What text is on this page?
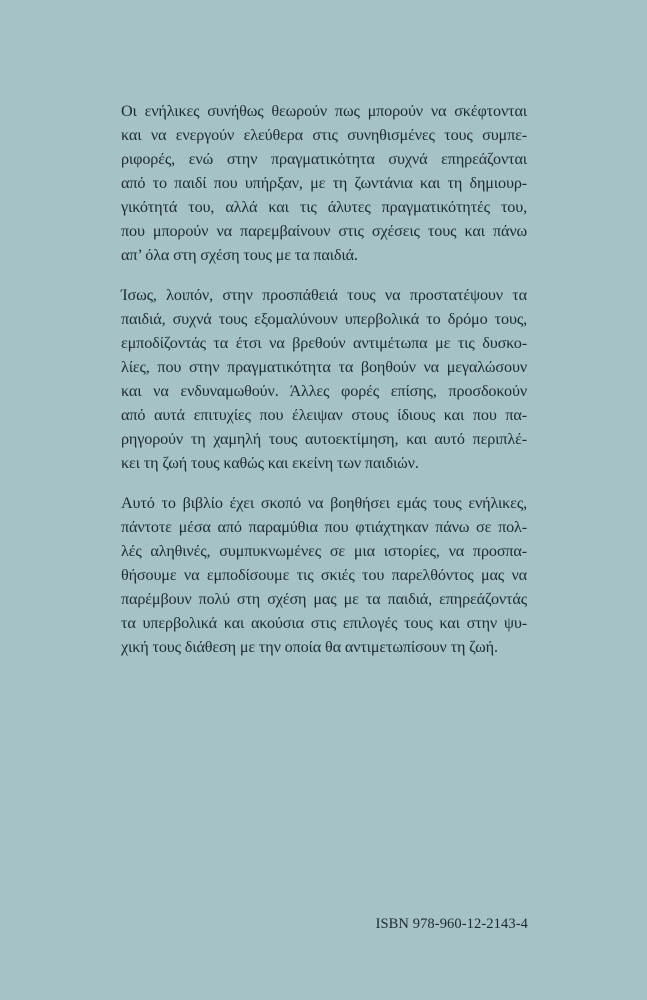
Οι ενήλικες συνήθως θεωρούν πως μπορούν να σκέφτονται
και να ενεργούν ελεύθερα στις συνηθισμένες τους συμπε-
ριφορές, ενώ στην πραγματικότητα συχνά επηρεάζονται
από το παιδί που υπήρξαν, με τη ζωντάνια και τη δημιουρ-
γικότητά του, αλλά και τις άλυτες πραγματικότητές του,
που μπορούν να παρεμβαίνουν στις σχέσεις τους και πάνω
απ’ όλα στη σχέση τους με τα παιδιά.

Ίσως, λοιπόν, στην προσπάθειά τους να προστατέψουν τα
παιδιά, συχνά τους εξομαλύνουν υπερβολικά το δρόμο τους,
εμποδίζοντάς τα έτσι να βρεθούν αντιμέτωπα με τις δυσκο-
λίες, που στην πραγματικότητα τα βοηθούν να μεγαλώσουν
και να ενδυναμωθούν. Άλλες φορές επίσης, προσδοκούν
από αυτά επιτυχίες που έλειψαν στους ίδιους και που πα-
ρηγορούν τη χαμηλή τους αυτοεκτίμηση, και αυτό περιπλέ-
κει τη ζωή τους καθώς και εκείνη των παιδιών.

Αυτό το βιβλίο έχει σκοπό να βοηθήσει εμάς τους ενήλικες,
πάντοτε μέσα από παραμύθια που φτιάχτηκαν πάνω σε πολ-
λές αληθινές, συμπυκνωμένες σε μια ιστορίες, να προσπα-
θήσουμε να εμποδίσουμε τις σκιές του παρελθόντος μας να
παρέμβουν πολύ στη σχέση μας με τα παιδιά, επηρεάζοντάς
τα υπερβολικά και ακούσια στις επιλογές τους και στην ψυ-
χική τους διάθεση με την οποία θα αντιμετωπίσουν τη ζωή.

ISBN 978-960-12-2143-4
